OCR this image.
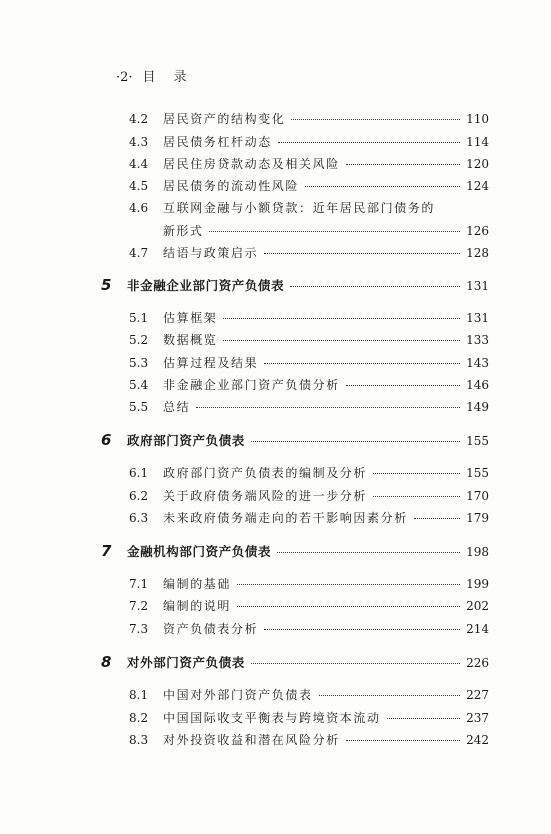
·2· 目录
4.2	居民资产的结构变化	110
4.3	居民债务杠杆动态	114
4.4	居民住房贷款动态及相关风险	120
4.5	居民债务的流动性风险	124
4.6	互联网金融与小额贷款：近年居民部门债务的
新形式	126
4.7	结语与政策启示	128
5	非金融企业部门资产负债表	131
5.1	估算框架	131
5.2	数据概览	133
5.3	估算过程及结果	143
5.4	非金融企业部门资产负债分析	146
5.5	总结	149
6	政府部门资产负债表	155
6.1	政府部门资产负债表的编制及分析	155
6.2	关于政府债务端风险的进一步分析	170
6.3	未来政府债务端走向的若干影响因素分析	179
7	金融机构部门资产负债表	198
7.1	编制的基础	199
7.2	编制的说明	202
7.3	资产负债表分析	214
8	对外部门资产负债表	226
8.1	中国对外部门资产负债表	227
8.2	中国国际收支平衡表与跨境资本流动	237
8.3	对外投资收益和潜在风险分析	242
